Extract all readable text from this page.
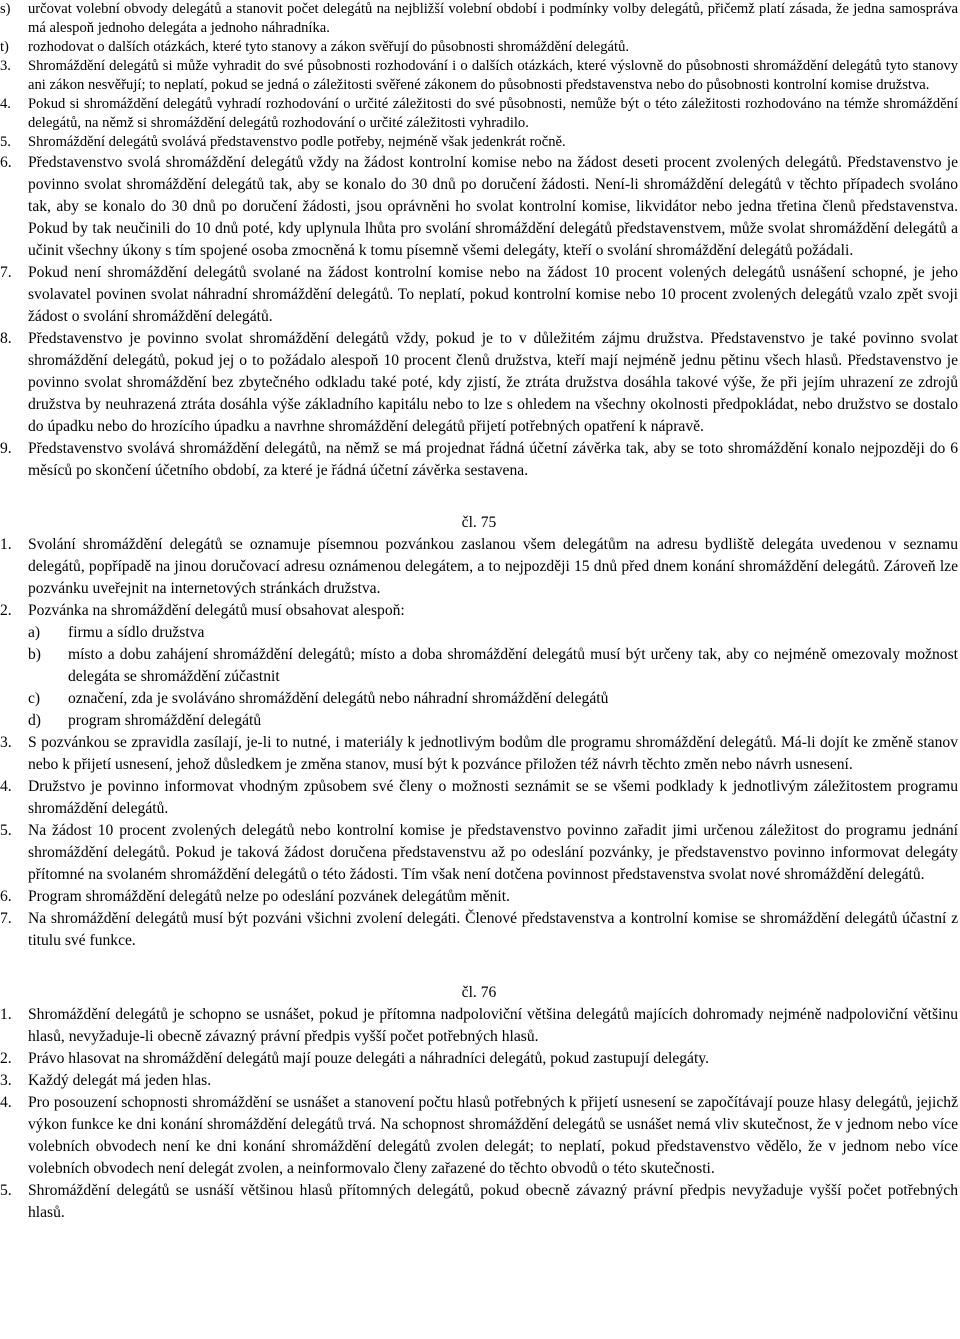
s) určovat volební obvody delegátů a stanovit počet delegátů na nejbližší volební období i podmínky volby delegátů, přičemž platí zásada, že jedna samospráva má alespoň jednoho delegáta a jednoho náhradníka.

t) rozhodovat o dalších otázkách, které tyto stanovy a zákon svěřují do působnosti shromáždění delegátů.

3. Shromáždění delegátů si může vyhradit do své působnosti rozhodování i o dalších otázkách, které výslovně do působnosti shromáždění delegátů tyto stanovy ani zákon nesvěřují; to neplatí, pokud se jedná o záležitosti svěřené zákonem do působnosti představenstva nebo do působnosti kontrolní komise družstva.

4. Pokud si shromáždění delegátů vyhradí rozhodování o určité záležitosti do své působnosti, nemůže být o této záležitosti rozhodováno na témže shromáždění delegátů, na němž si shromáždění delegátů rozhodování o určité záležitosti vyhradilo.

5. Shromáždění delegátů svolává představenstvo podle potřeby, nejméně však jedenkrát ročně.

6. Představenstvo svolá shromáždění delegátů vždy na žádost kontrolní komise nebo na žádost deseti procent zvolených delegátů. Představenstvo je povinno svolat shromáždění delegátů tak, aby se konalo do 30 dnů po doručení žádosti. Není-li shromáždění delegátů v těchto případech svoláno tak, aby se konalo do 30 dnů po doručení žádosti, jsou oprávněni ho svolat kontrolní komise, likvidátor nebo jedna třetina členů představenstva. Pokud by tak neučinili do 10 dnů poté, kdy uplynula lhůta pro svolání shromáždění delegátů představenstvem, může svolat shromáždění delegátů a učinit všechny úkony s tím spojené osoba zmocněná k tomu písemně všemi delegáty, kteří o svolání shromáždění delegátů požádali.

7. Pokud není shromáždění delegátů svolané na žádost kontrolní komise nebo na žádost 10 procent volených delegátů usnášení schopné, je jeho svolavatel povinen svolat náhradní shromáždění delegátů. To neplatí, pokud kontrolní komise nebo 10 procent zvolených delegátů vzalo zpět svoji žádost o svolání shromáždění delegátů.

8. Představenstvo je povinno svolat shromáždění delegátů vždy, pokud je to v důležitém zájmu družstva. Představenstvo je také povinno svolat shromáždění delegátů, pokud jej o to požádalo alespoň 10 procent členů družstva, kteří mají nejméně jednu pětinu všech hlasů. Představenstvo je povinno svolat shromáždění bez zbytečného odkladu také poté, kdy zjistí, že ztráta družstva dosáhla takové výše, že při jejím uhrazení ze zdrojů družstva by neuhrazená ztráta dosáhla výše základního kapitálu nebo to lze s ohledem na všechny okolnosti předpokládat, nebo družstvo se dostalo do úpadku nebo do hrozícího úpadku a navrhne shromáždění delegátů přijetí potřebných opatření k nápravě.

9. Představenstvo svolává shromáždění delegátů, na němž se má projednat řádná účetní závěrka tak, aby se toto shromáždění konalo nejpozději do 6 měsíců po skončení účetního období, za které je řádná účetní závěrka sestavena.

čl. 75

1. Svolání shromáždění delegátů se oznamuje písemnou pozvánkou zaslanou všem delegátům na adresu bydliště delegáta uvedenou v seznamu delegátů, popřípadě na jinou doručovací adresu oznámenou delegátem, a to nejpozději 15 dnů před dnem konání shromáždění delegátů. Zároveň lze pozvánku uveřejnit na internetových stránkách družstva.

2. Pozvánka na shromáždění delegátů musí obsahovat alespoň:

a) firmu a sídlo družstva

b) místo a dobu zahájení shromáždění delegátů; místo a doba shromáždění delegátů musí být určeny tak, aby co nejméně omezovaly možnost delegáta se shromáždění zúčastnit

c) označení, zda je svoláváno shromáždění delegátů nebo náhradní shromáždění delegátů

d) program shromáždění delegátů

3. S pozvánkou se zpravidla zasílají, je-li to nutné, i materiály k jednotlivým bodům dle programu shromáždění delegátů. Má-li dojít ke změně stanov nebo k přijetí usnesení, jehož důsledkem je změna stanov, musí být k pozvánce přiložen též návrh těchto změn nebo návrh usnesení.

4. Družstvo je povinno informovat vhodným způsobem své členy o možnosti seznámit se se všemi podklady k jednotlivým záležitostem programu shromáždění delegátů.

5. Na žádost 10 procent zvolených delegátů nebo kontrolní komise je představenstvo povinno zařadit jimi určenou záležitost do programu jednání shromáždění delegátů. Pokud je taková žádost doručena představenstvu až po odeslání pozvánky, je představenstvo povinno informovat delegáty přítomné na svolaném shromáždění delegátů o této žádosti. Tím však není dotčena povinnost představenstva svolat nové shromáždění delegátů.

6. Program shromáždění delegátů nelze po odeslání pozvánek delegátům měnit.

7. Na shromáždění delegátů musí být pozváni všichni zvolení delegáti. Členové představenstva a kontrolní komise se shromáždění delegátů účastní z titulu své funkce.

čl. 76

1. Shromáždění delegátů je schopno se usnášet, pokud je přítomna nadpoloviční většina delegátů majících dohromady nejméně nadpoloviční většinu hlasů, nevyžaduje-li obecně závazný právní předpis vyšší počet potřebných hlasů.

2. Právo hlasovat na shromáždění delegátů mají pouze delegáti a náhradníci delegátů, pokud zastupují delegáty.

3. Každý delegát má jeden hlas.

4. Pro posouzení schopnosti shromáždění se usnášet a stanovení počtu hlasů potřebných k přijetí usnesení se započítávají pouze hlasy delegátů, jejichž výkon funkce ke dni konání shromáždění delegátů trvá. Na schopnost shromáždění delegátů se usnášet nemá vliv skutečnost, že v jednom nebo více volebních obvodech není ke dni konání shromáždění delegátů zvolen delegát; to neplatí, pokud představenstvo vědělo, že v jednom nebo více volebních obvodech není delegát zvolen, a neinformovalo členy zařazené do těchto obvodů o této skutečnosti.

5. Shromáždění delegátů se usnáší většinou hlasů přítomných delegátů, pokud obecně závazný právní předpis nevyžaduje vyšší počet potřebných hlasů.
